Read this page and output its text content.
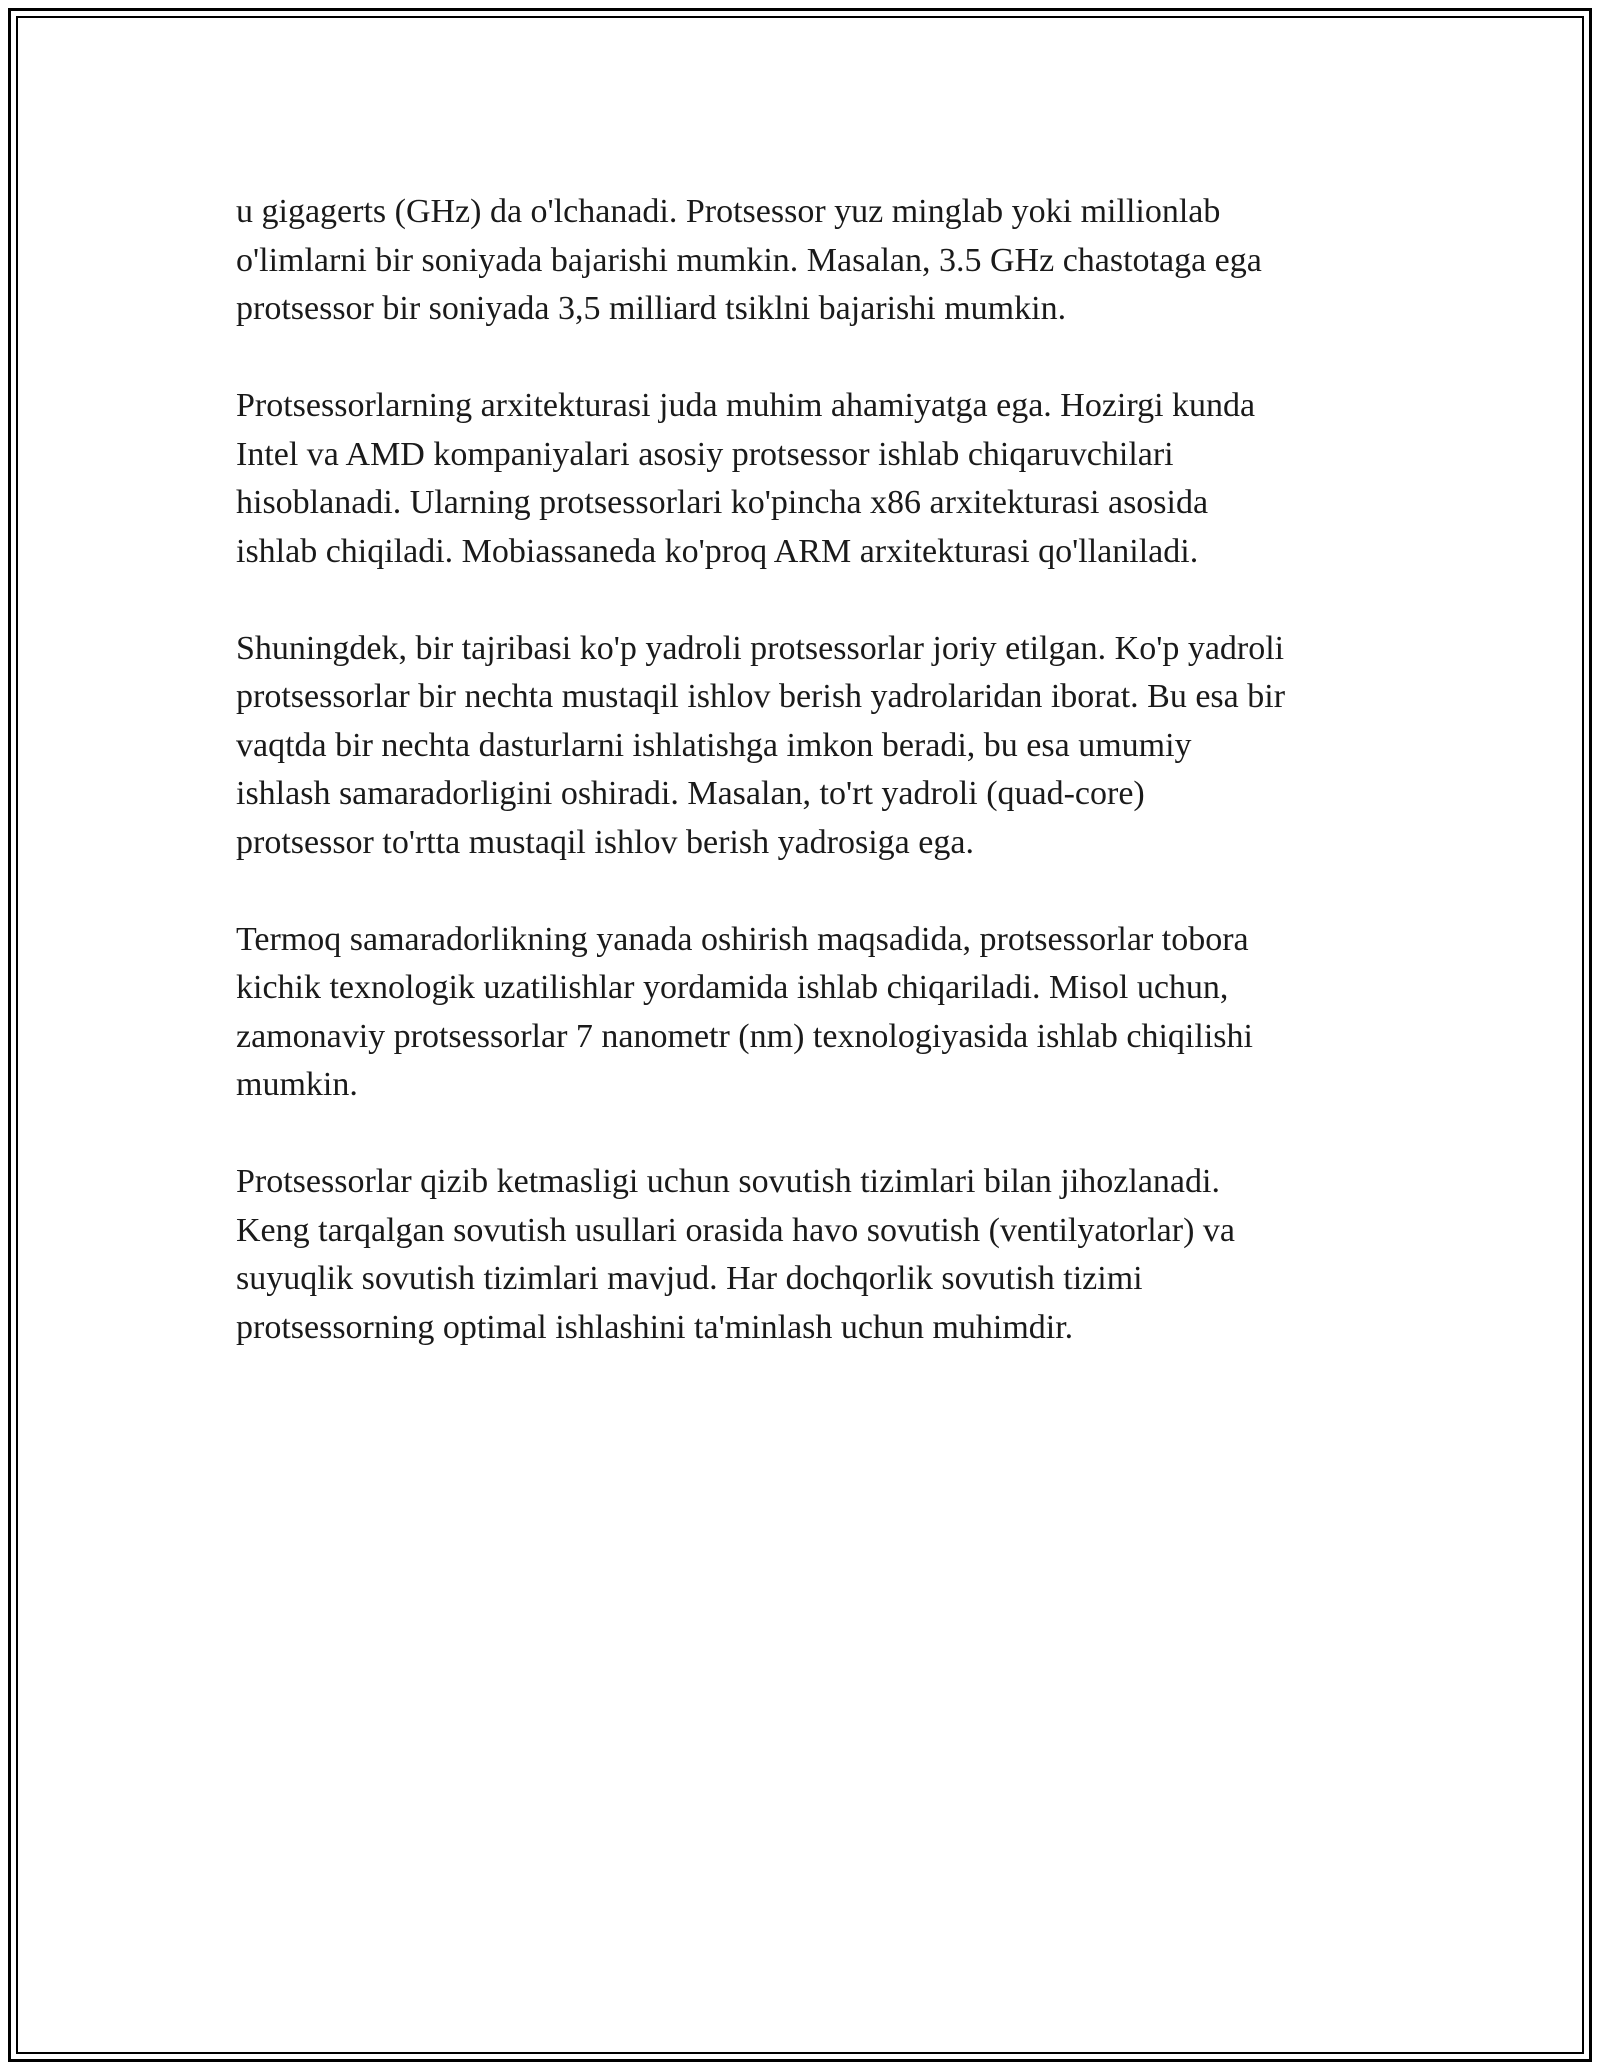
u gigagerts (GHz) da o'lchanadi. Protsessor yuz minglab yoki millionlab
o'limlarni bir soniyada bajarishi mumkin. Masalan, 3.5 GHz chastotaga ega
protsessor bir soniyada 3,5 milliard tsiklni bajarishi mumkin.

Protsessorlarning arxitekturasi juda muhim ahamiyatga ega. Hozirgi kunda
Intel va AMD kompaniyalari asosiy protsessor ishlab chiqaruvchilari
hisoblanadi. Ularning protsessorlari ko'pincha x86 arxitekturasi asosida
ishlab chiqiladi. Mobiassaneda ko'proq ARM arxitekturasi qo'llaniladi.

Shuningdek, bir tajribasi ko'p yadroli protsessorlar joriy etilgan. Ko'p yadroli
protsessorlar bir nechta mustaqil ishlov berish yadrolaridan iborat. Bu esa bir
vaqtda bir nechta dasturlarni ishlatishga imkon beradi, bu esa umumiy
ishlash samaradorligini oshiradi. Masalan, to'rt yadroli (quad-core)
protsessor to'rtta mustaqil ishlov berish yadrosiga ega.

Termoq samaradorlikning yanada oshirish maqsadida, protsessorlar tobora
kichik texnologik uzatilishlar yordamida ishlab chiqariladi. Misol uchun,
zamonaviy protsessorlar 7 nanometr (nm) texnologiyasida ishlab chiqilishi
mumkin.

Protsessorlar qizib ketmasligi uchun sovutish tizimlari bilan jihozlanadi.
Keng tarqalgan sovutish usullari orasida havo sovutish (ventilyatorlar) va
suyuqlik sovutish tizimlari mavjud. Har dochqorlik sovutish tizimi
protsessorning optimal ishlashini ta'minlash uchun muhimdir.
